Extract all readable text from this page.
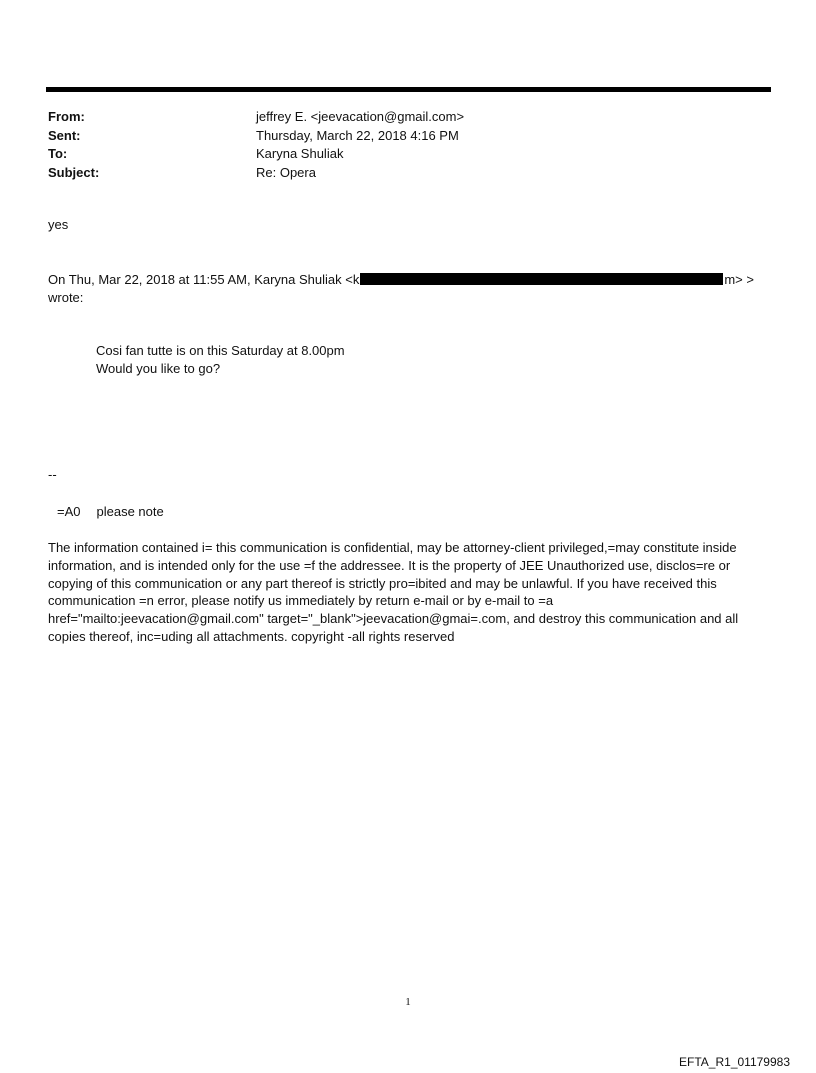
From:	jeffrey E. <jeevacation@gmail.com>
Sent:	Thursday, March 22, 2018 4:16 PM
To:	Karyna Shuliak
Subject:	Re: Opera
yes
On Thu, Mar 22, 2018 at 11:55 AM, Karyna Shuliak <k	m> >
wrote:
Cosi fan tutte is on this Saturday at 8.00pm
Would you like to go?
--
=A0 please note
The information contained i= this communication is confidential, may be attorney-client privileged,=may constitute inside information, and is intended only for the use =f the addressee. It is the property of JEE Unauthorized use, disclos=re or copying of this communication or any part thereof is strictly pro=ibited and may be unlawful. If you have received this communication =n error, please notify us immediately by return e-mail or by e-mail to =a href="mailto:jeevacation@gmail.com" target="_blank">jeevacation@gmai=.com, and destroy this communication and all copies thereof, inc=uding all attachments. copyright -all rights reserved
1
EFTA_R1_01179983
